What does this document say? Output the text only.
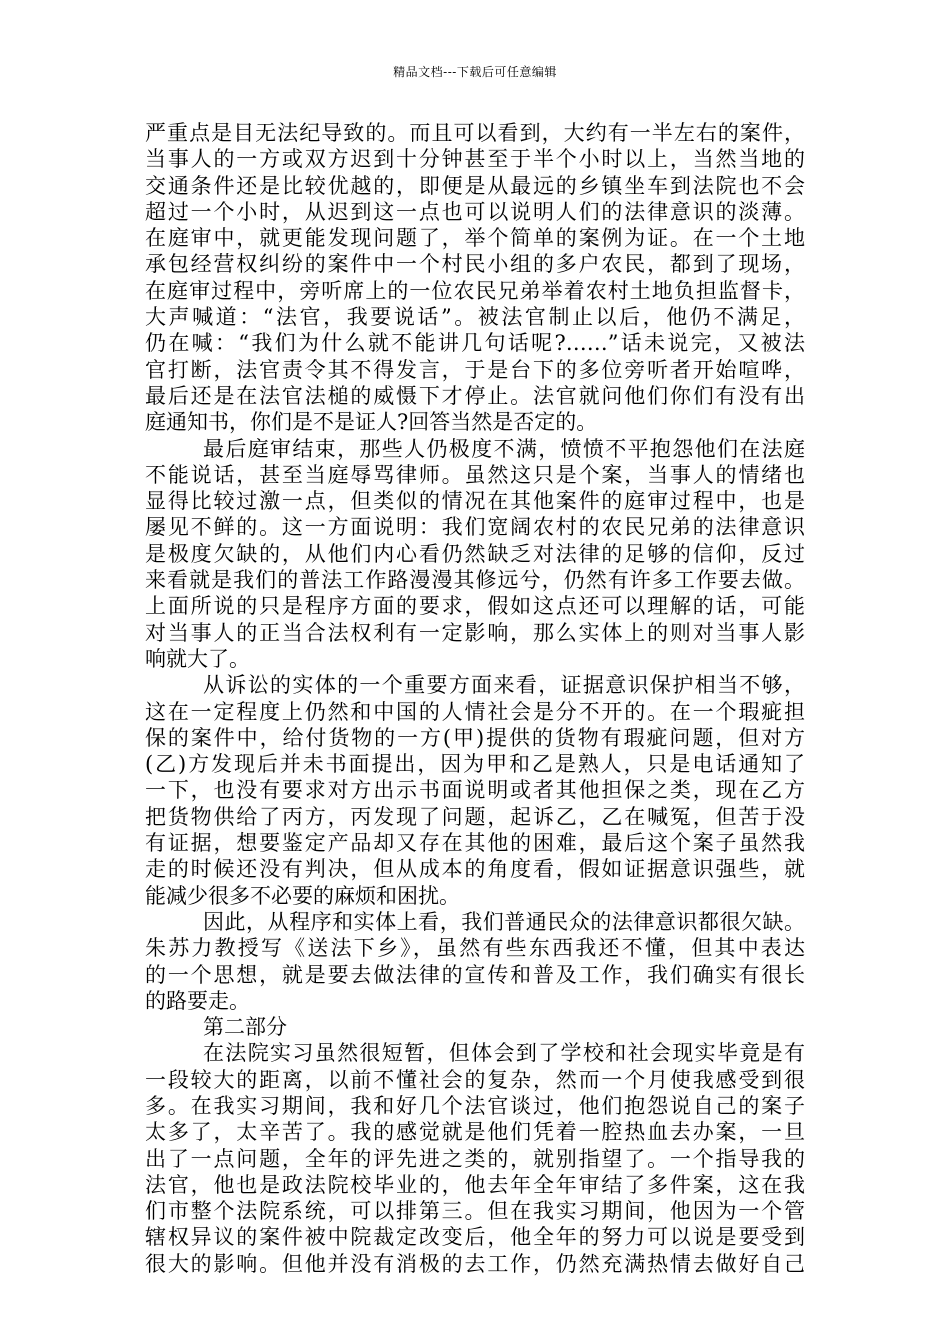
精品文档---下载后可任意编辑
严重点是目无法纪导致的。而且可以看到，大约有一半左右的案件，
当事人的一方或双方迟到十分钟甚至于半个小时以上，当然当地的
交通条件还是比较优越的，即便是从最远的乡镇坐车到法院也不会
超过一个小时，从迟到这一点也可以说明人们的法律意识的淡薄。
在庭审中，就更能发现问题了，举个简单的案例为证。在一个土地
承包经营权纠纷的案件中一个村民小组的多户农民，都到了现场，
在庭审过程中，旁听席上的一位农民兄弟举着农村土地负担监督卡，
大声喊道：“法官，我要说话”。被法官制止以后，他仍不满足，
仍在喊：“我们为什么就不能讲几句话呢?……”话未说完，又被法
官打断，法官责令其不得发言，于是台下的多位旁听者开始喧哗，
最后还是在法官法槌的威慑下才停止。法官就问他们你们有没有出
庭通知书，你们是不是证人?回答当然是否定的。
最后庭审结束，那些人仍极度不满，愤愤不平抱怨他们在法庭
不能说话，甚至当庭辱骂律师。虽然这只是个案，当事人的情绪也
显得比较过激一点，但类似的情况在其他案件的庭审过程中，也是
屡见不鲜的。这一方面说明：我们宽阔农村的农民兄弟的法律意识
是极度欠缺的，从他们内心看仍然缺乏对法律的足够的信仰，反过
来看就是我们的普法工作路漫漫其修远兮，仍然有许多工作要去做。
上面所说的只是程序方面的要求，假如这点还可以理解的话，可能
对当事人的正当合法权利有一定影响，那么实体上的则对当事人影
响就大了。
从诉讼的实体的一个重要方面来看，证据意识保护相当不够，
这在一定程度上仍然和中国的人情社会是分不开的。在一个瑕疵担
保的案件中，给付货物的一方(甲)提供的货物有瑕疵问题，但对方
(乙)方发现后并未书面提出，因为甲和乙是熟人，只是电话通知了
一下，也没有要求对方出示书面说明或者其他担保之类，现在乙方
把货物供给了丙方，丙发现了问题，起诉乙，乙在喊冤，但苦于没
有证据，想要鉴定产品却又存在其他的困难，最后这个案子虽然我
走的时候还没有判决，但从成本的角度看，假如证据意识强些，就
能减少很多不必要的麻烦和困扰。
因此，从程序和实体上看，我们普通民众的法律意识都很欠缺。
朱苏力教授写《送法下乡》，虽然有些东西我还不懂，但其中表达
的一个思想，就是要去做法律的宣传和普及工作，我们确实有很长
的路要走。
第二部分
在法院实习虽然很短暂，但体会到了学校和社会现实毕竟是有
一段较大的距离，以前不懂社会的复杂，然而一个月使我感受到很
多。在我实习期间，我和好几个法官谈过，他们抱怨说自己的案子
太多了，太辛苦了。我的感觉就是他们凭着一腔热血去办案，一旦
出了一点问题，全年的评先进之类的，就别指望了。一个指导我的
法官，他也是政法院校毕业的，他去年全年审结了多件案，这在我
们市整个法院系统，可以排第三。但在我实习期间，他因为一个管
辖权异议的案件被中院裁定改变后，他全年的努力可以说是要受到
很大的影响。但他并没有消极的去工作，仍然充满热情去做好自己
